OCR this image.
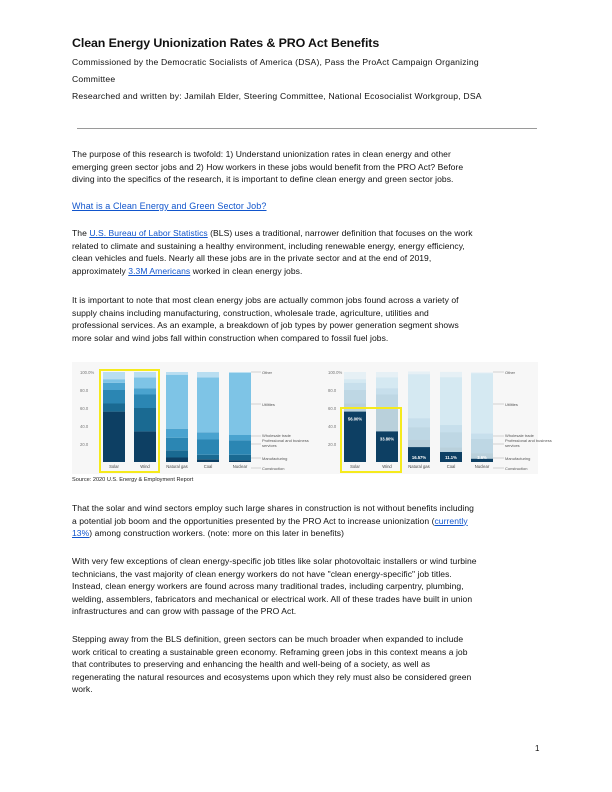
Clean Energy Unionization Rates & PRO Act Benefits
Commissioned by the Democratic Socialists of America (DSA), Pass the ProAct Campaign Organizing
Committee
Researched and written by: Jamilah Elder, Steering Committee, National Ecosocialist Workgroup, DSA
The purpose of this research is twofold: 1) Understand unionization rates in clean energy and other
emerging green sector jobs and 2) How workers in these jobs would benefit from the PRO Act? Before
diving into the specifics of the research, it is important to define clean energy and green sector jobs.
What is a Clean Energy and Green Sector Job?
The U.S. Bureau of Labor Statistics (BLS) uses a traditional, narrower definition that focuses on the work
related to climate and sustaining a healthy environment, including renewable energy, energy efficiency,
clean vehicles and fuels. Nearly all these jobs are in the private sector and at the end of 2019,
approximately 3.3M Americans worked in clean energy jobs.
It is important to note that most clean energy jobs are actually common jobs found across a variety of
supply chains including manufacturing, construction, wholesale trade, agriculture, utilities and
professional services. As an example, a breakdown of job types by power generation segment shows
more solar and wind jobs fall within construction when compared to fossil fuel jobs.
100.0%
80.0
60.0
40.0
20.0
Solar	Wind	Natural gas	Coal	Nuclear
Other
Utilities
Wholesale trade
Professional and business
services
Manufacturing
Construction
100.0%
80.0
60.0
40.0
20.0
Solar	Wind	Natural gas	Coal	Nuclear
56.00%
33.80%
16.57%	11.1%	3.6%
Other
Utilities
Wholesale trade
Professional and business
services
Manufacturing
Construction
Source: 2020 U.S. Energy & Employment Report
That the solar and wind sectors employ such large shares in construction is not without benefits including
a potential job boom and the opportunities presented by the PRO Act to increase unionization (currently
13%) among construction workers. (note: more on this later in benefits)
With very few exceptions of clean energy-specific job titles like solar photovoltaic installers or wind turbine
technicians, the vast majority of clean energy workers do not have "clean energy-specific" job titles.
Instead, clean energy workers are found across many traditional trades, including carpentry, plumbing,
welding, assemblers, fabricators and mechanical or electrical work. All of these trades have built in union
infrastructures and can grow with passage of the PRO Act.
Stepping away from the BLS definition, green sectors can be much broader when expanded to include
work critical to creating a sustainable green economy. Reframing green jobs in this context means a job
that contributes to preserving and enhancing the health and well-being of a society, as well as
regenerating the natural resources and ecosystems upon which they rely must also be considered green
work.
1
